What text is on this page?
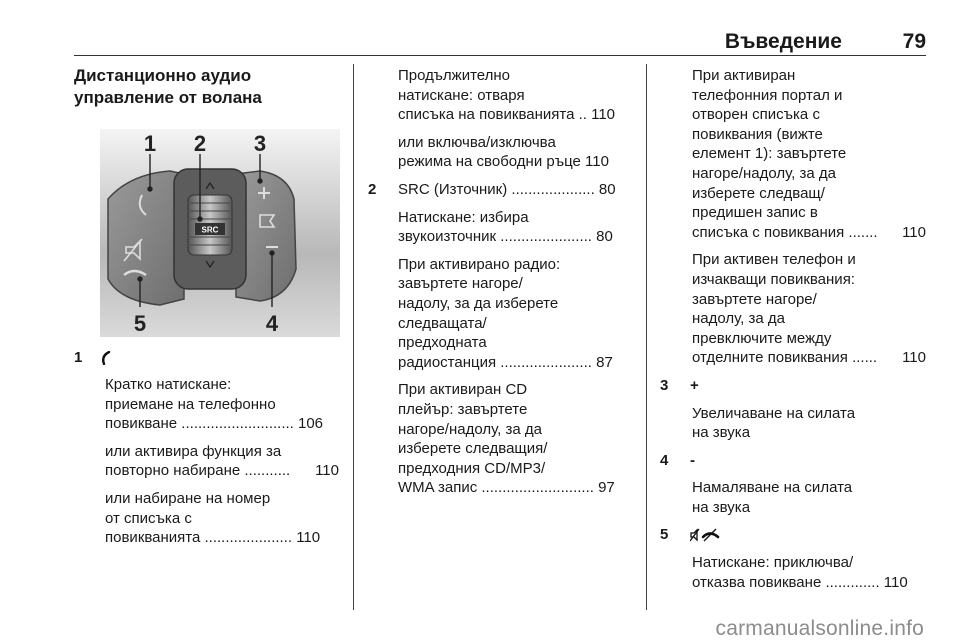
Въведение	79
Дистанционно аудио управление от волана
SRC
1 2 3
4
5
1

Кратко натискане:
приемане на телефонно
повикване ........................... 106

или активира функция за
повторно набиране ........... 110

или набиране на номер
от списъка с
повикванията ..................... 110

Продължително
натискане: отваря
списъка на повикванията .. 110

или включва/изключва
режима на свободни ръце 110

2 SRC (Източник) .................... 80

Натискане: избира
звукоизточник ...................... 80

При активирано радио:
завъртете нагоре/
надолу, за да изберете
следващата/
предходната
радиостанция ...................... 87

При активиран CD
плейър: завъртете
нагоре/надолу, за да
изберете следващия/
предходния CD/MP3/
WMA запис ........................... 97

При активиран
телефонния портал и
отворен списъка с
повиквания (вижте
елемент 1): завъртете
нагоре/надолу, за да
изберете следващ/
предишен запис в
списъка с повиквания ....... 110

При активен телефон и
изчакващи повиквания:
завъртете нагоре/
надолу, за да
превключите между
отделните повиквания ...... 110

3 +

Увеличаване на силата
на звука

4 -

Намаляване на силата
на звука

5

Натискане: приключва/
отказва повикване ............. 110

carmanualsonline.info
